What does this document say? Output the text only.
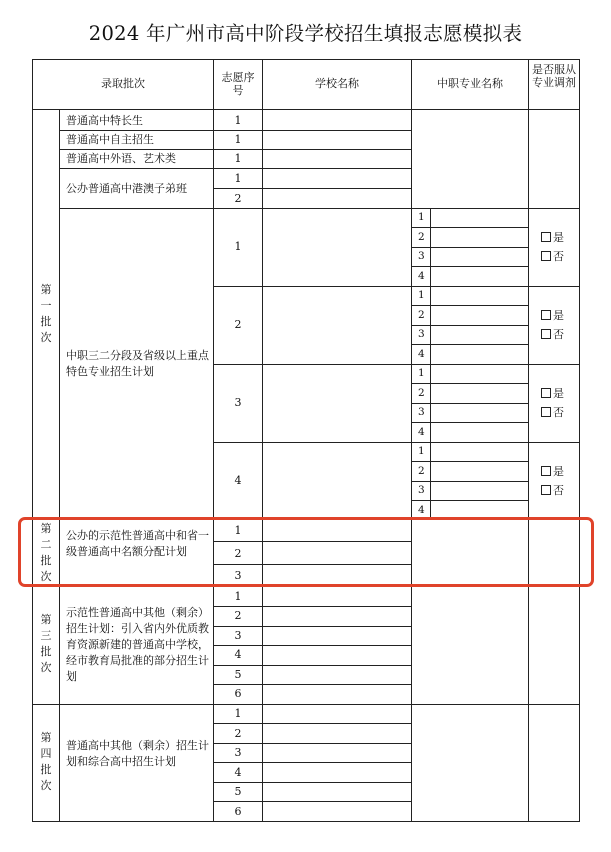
2024 年广州市高中阶段学校招生填报志愿模拟表
录取批次	志愿序号
学校名称	中职专业名称
是否服从专业调剂
第一批次
第二批次
第三批次
第四批次
普通高中特长生
普通高中自主招生
普通高中外语、艺术类
公办普通高中港澳子弟班
1
1
1
1
2
中职三二分段及省级以上重点特色专业招生计划
1
2
3
4
1
2
3
4
1
2
3
4
1
2
3
4
1
2
3
4
是
否
是
否
是
否
是
否
公办的示范性普通高中和省一级普通高中名额分配计划
1
2
3
示范性普通高中其他（剩余）招生计划：引入省内外优质教育资源新建的普通高中学校，经市教育局批准的部分招生计划
1
2
3
4
5
6
普通高中其他（剩余）招生计划和综合高中招生计划
1
2
3
4
5
6
